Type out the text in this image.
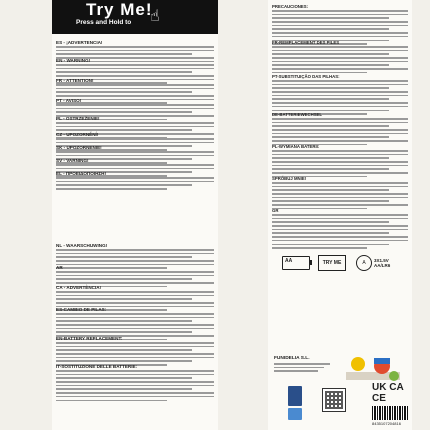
Try Me!
Press and Hold to ☝
ES - ¡ADVERTENCIA!
EN - WARNING!
FR - ATTENTION!
PT - AVISO!
PL - OSTRZEŻENIE!
CZ - UPOZORNĚNÍ!
SK - UPOZORNENIE!
SV - VARNING!
EL - ΠΡΟΕΙΔΟΠΟΙΗΣΗ!
NL - WAARSCHUWING!
AR
CA - ADVERTÈNCIA!
ES-CAMBIO DE PILAS:
EN-BATTERY REPLACEMENT:
IT-SOSTITUZIONE DELLE BATTERIE:
PRECAUCIONES:
FR-REMPLACEMENT DES PILES
PT-SUBSTITUIÇÃO DAS PILHAS:
DE-BATTERIEWECHSEL
PL-WYMIANA BATERII:
SPRÓBUJ MNIE!
GR
AA	TRY ME	A	3X1.5V AA/LR6
FUNIDELIA S.L.
UK CA CE
8435107204816
